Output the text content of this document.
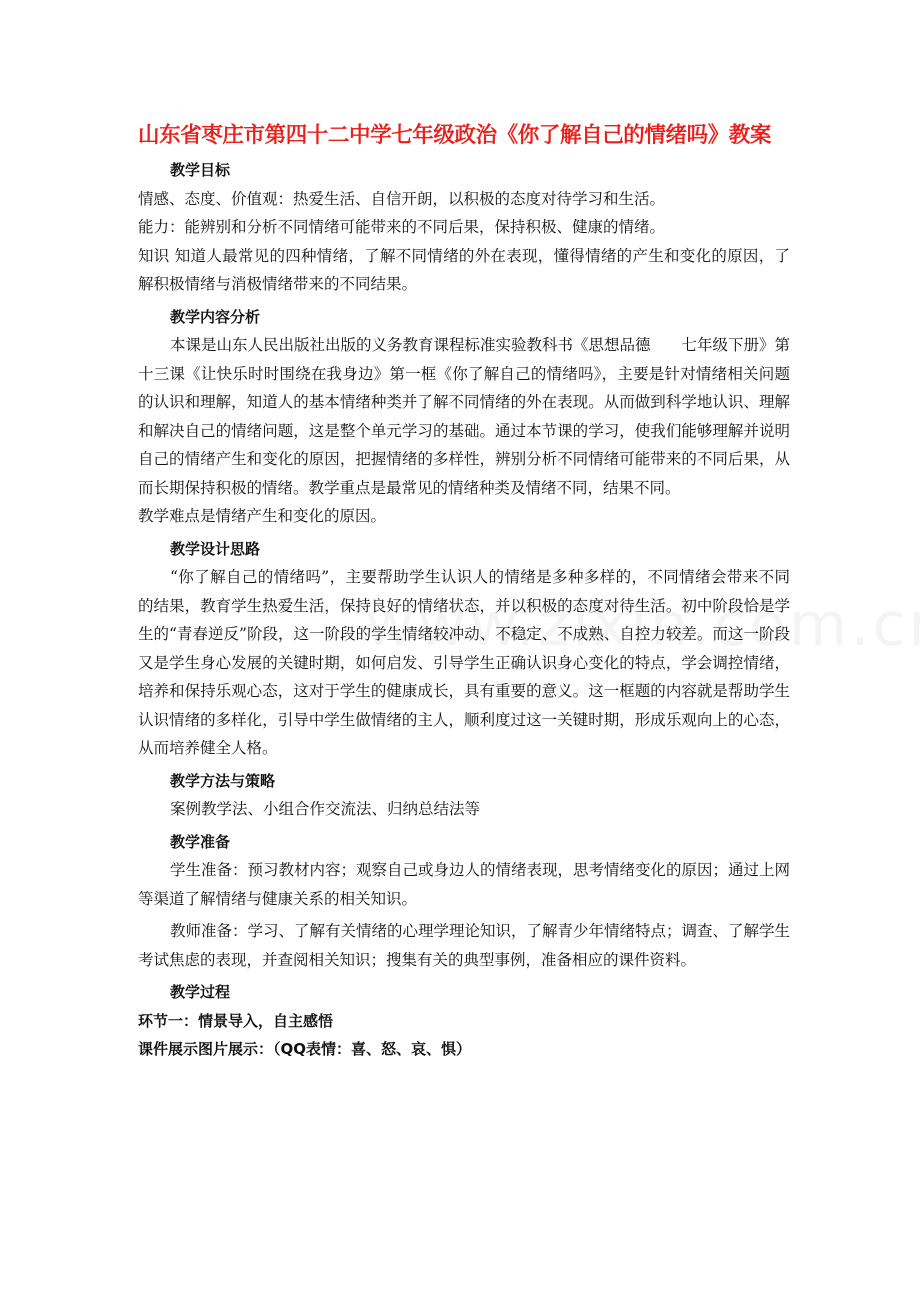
山东省枣庄市第四十二中学七年级政治《你了解自己的情绪吗》教案

教学目标

情感、态度、价值观：热爱生活、自信开朗，以积极的态度对待学习和生活。

能力：能辨别和分析不同情绪可能带来的不同后果，保持积极、健康的情绪。

知识 知道人最常见的四种情绪，了解不同情绪的外在表现，懂得情绪的产生和变化的原因，了解积极情绪与消极情绪带来的不同结果。

教学内容分析

本课是山东人民出版社出版的义务教育课程标准实验教科书《思想品德　　七年级下册》第十三课《让快乐时时围绕在我身边》第一框《你了解自己的情绪吗》，主要是针对情绪相关问题的认识和理解，知道人的基本情绪种类并了解不同情绪的外在表现。从而做到科学地认识、理解和解决自己的情绪问题，这是整个单元学习的基础。通过本节课的学习，使我们能够理解并说明自己的情绪产生和变化的原因，把握情绪的多样性，辨别分析不同情绪可能带来的不同后果，从而长期保持积极的情绪。教学重点是最常见的情绪种类及情绪不同，结果不同。

教学难点是情绪产生和变化的原因。

教学设计思路

“你了解自己的情绪吗”，主要帮助学生认识人的情绪是多种多样的，不同情绪会带来不同的结果，教育学生热爱生活，保持良好的情绪状态，并以积极的态度对待生活。初中阶段恰是学生的“青春逆反”阶段，这一阶段的学生情绪较冲动、不稳定、不成熟、自控力较差。而这一阶段又是学生身心发展的关键时期，如何启发、引导学生正确认识身心变化的特点，学会调控情绪，培养和保持乐观心态，这对于学生的健康成长，具有重要的意义。这一框题的内容就是帮助学生认识情绪的多样化，引导中学生做情绪的主人，顺利度过这一关键时期，形成乐观向上的心态，从而培养健全人格。

教学方法与策略

案例教学法、小组合作交流法、归纳总结法等

教学准备

学生准备：预习教材内容；观察自己或身边人的情绪表现，思考情绪变化的原因；通过上网等渠道了解情绪与健康关系的相关知识。

教师准备：学习、了解有关情绪的心理学理论知识，了解青少年情绪特点；调查、了解学生考试焦虑的表现，并查阅相关知识；搜集有关的典型事例，准备相应的课件资料。

教学过程

环节一：情景导入，自主感悟

课件展示图片展示：（QQ表情：喜、怒、哀、惧）
